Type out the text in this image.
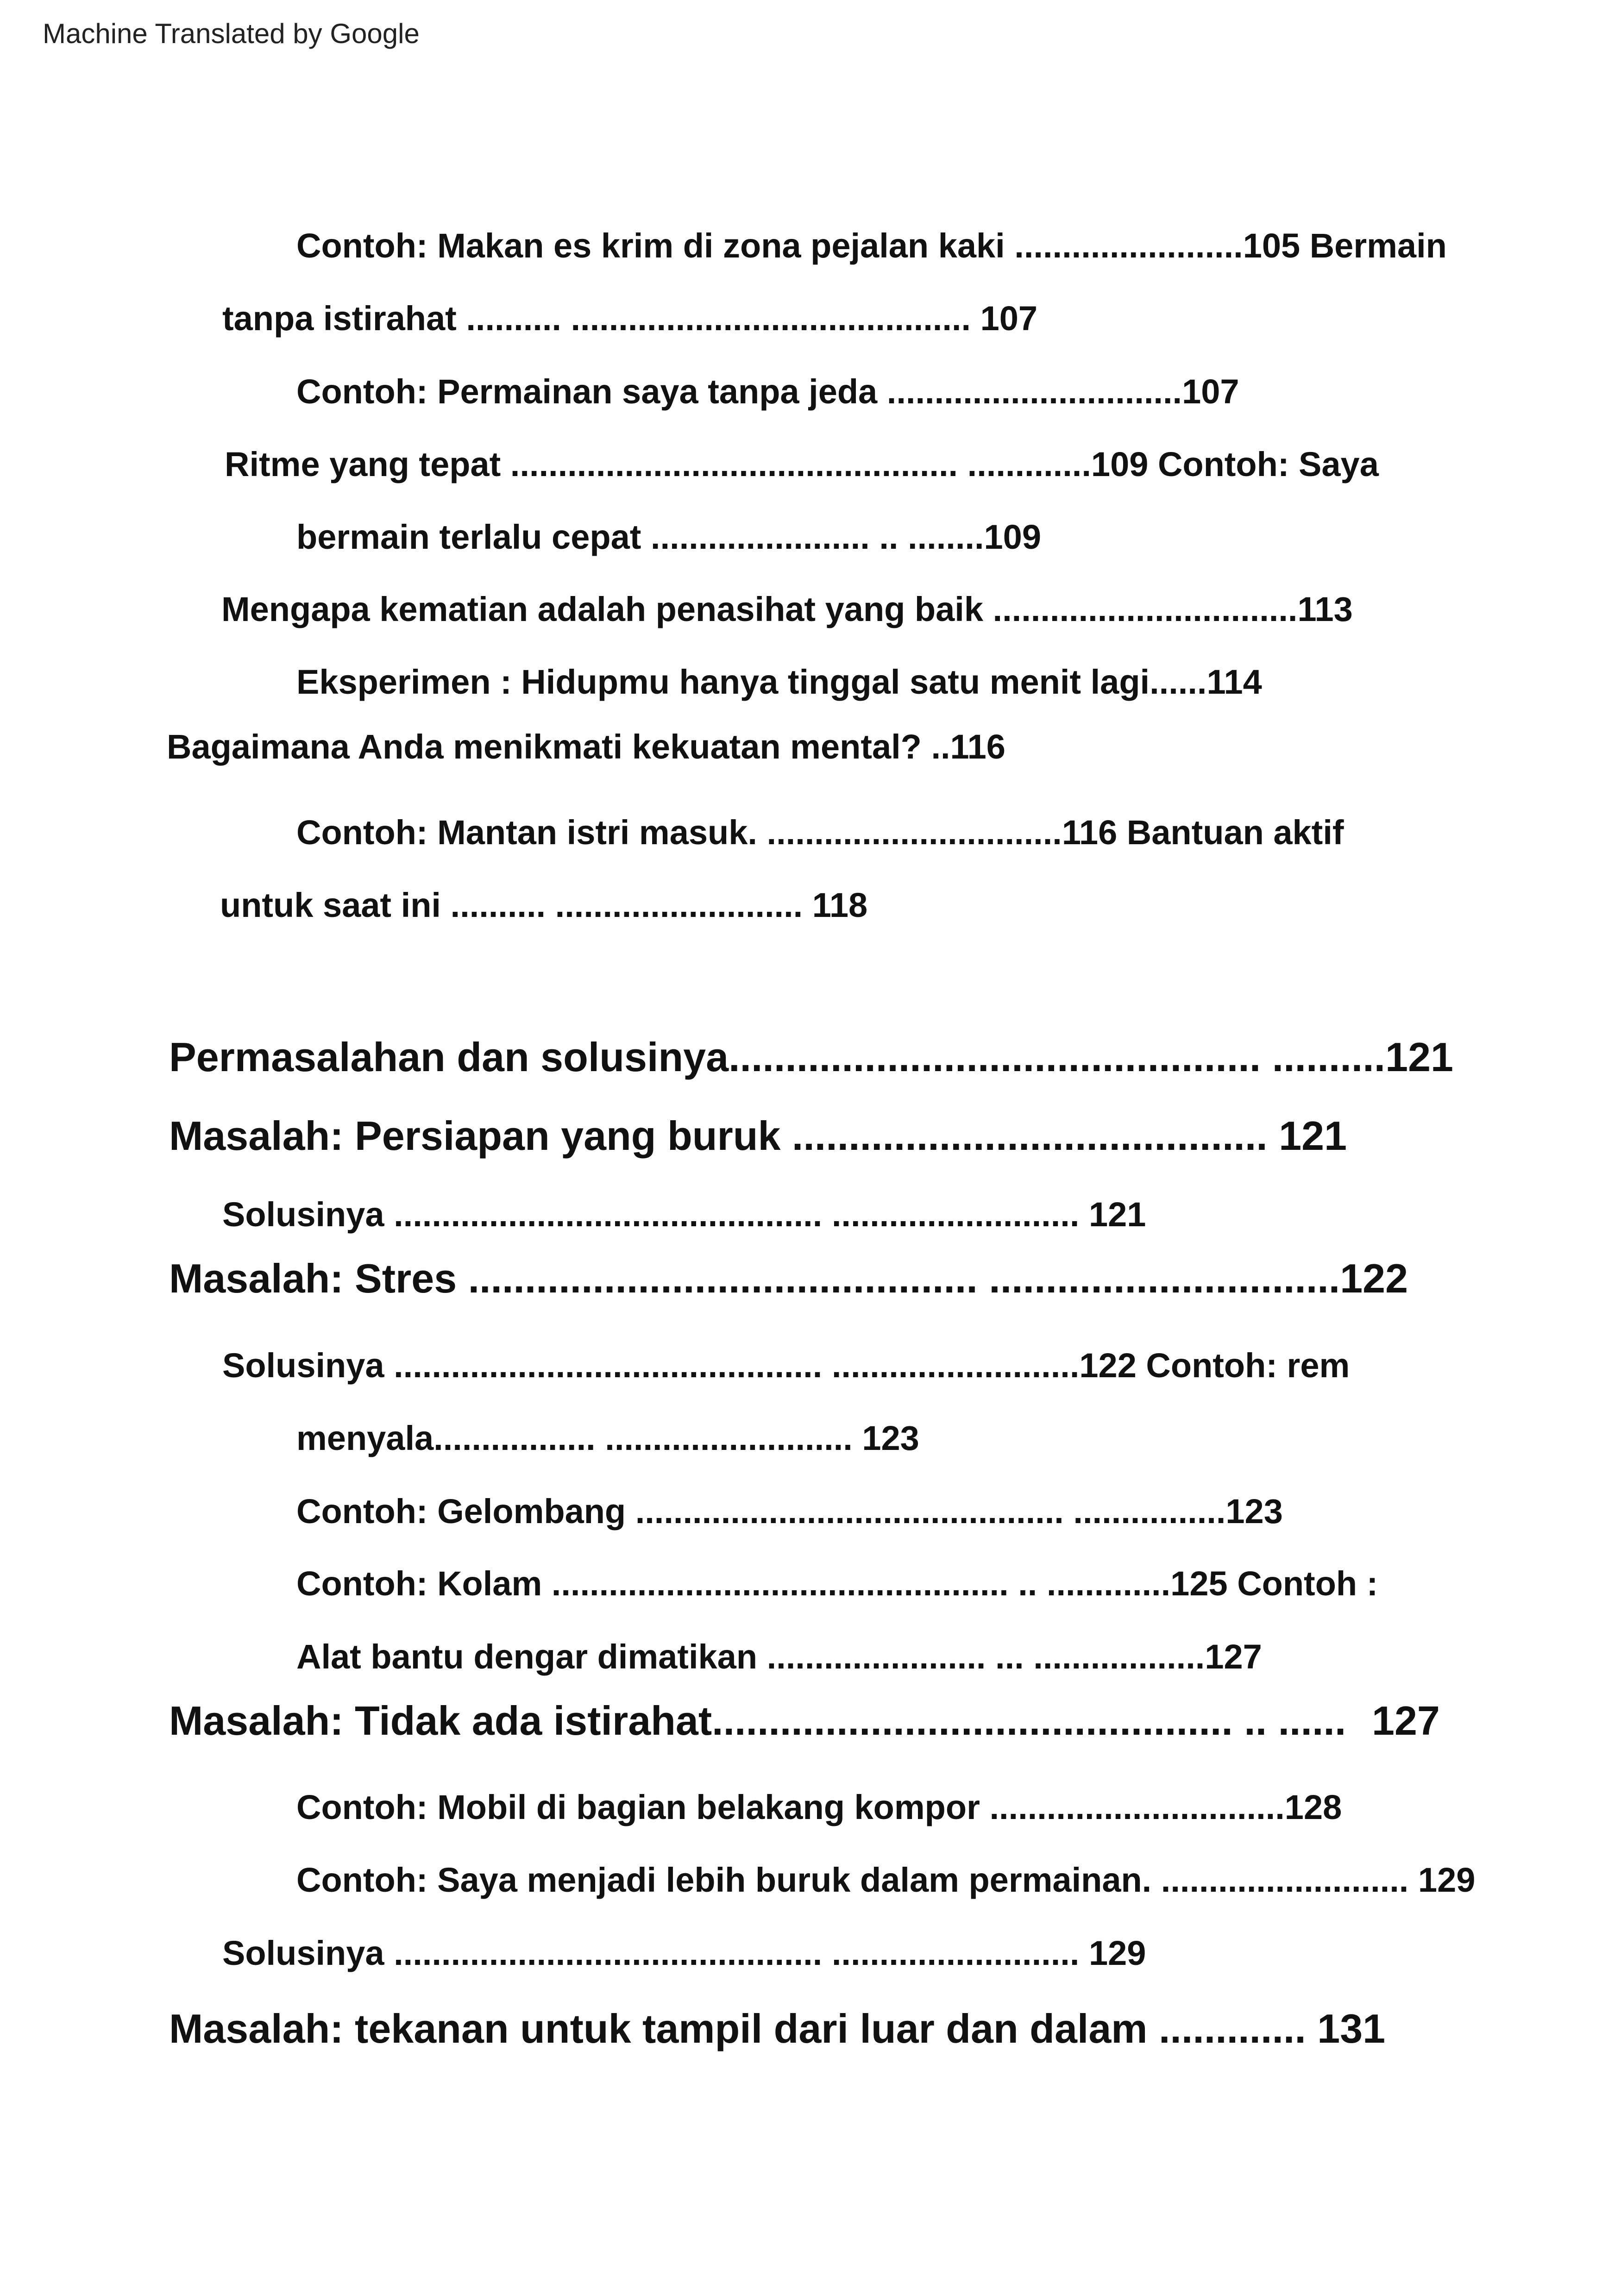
Machine Translated by Google
Contoh: Makan es krim di zona pejalan kaki ........................105 Bermain
tanpa istirahat .......... .......................................... 107
Contoh: Permainan saya tanpa jeda ...............................107
Ritme yang tepat ............................................... .............109 Contoh: Saya
bermain terlalu cepat ....................... .. ........109
Mengapa kematian adalah penasihat yang baik ................................113
Eksperimen : Hidupmu hanya tinggal satu menit lagi......114
Bagaimana Anda menikmati kekuatan mental? ..116
Contoh: Mantan istri masuk. ...............................116 Bantuan aktif
untuk saat ini .......... .......................... 118
Permasalahan dan solusinya............................................... ..........121
Masalah: Persiapan yang buruk .......................................... 121
Solusinya ............................................. .......................... 121
Masalah: Stres ............................................. ...............................122
Solusinya ............................................. ..........................122 Contoh: rem
menyala................. .......................... 123
Contoh: Gelombang ............................................. ................123
Contoh: Kolam ................................................ .. .............125 Contoh :
Alat bantu dengar dimatikan ....................... ... ..................127
Masalah: Tidak ada istirahat.............................................. .. ...... 127
Contoh: Mobil di bagian belakang kompor ...............................128
Contoh: Saya menjadi lebih buruk dalam permainan. .......................... 129
Solusinya ............................................. .......................... 129
Masalah: tekanan untuk tampil dari luar dan dalam ............. 131
